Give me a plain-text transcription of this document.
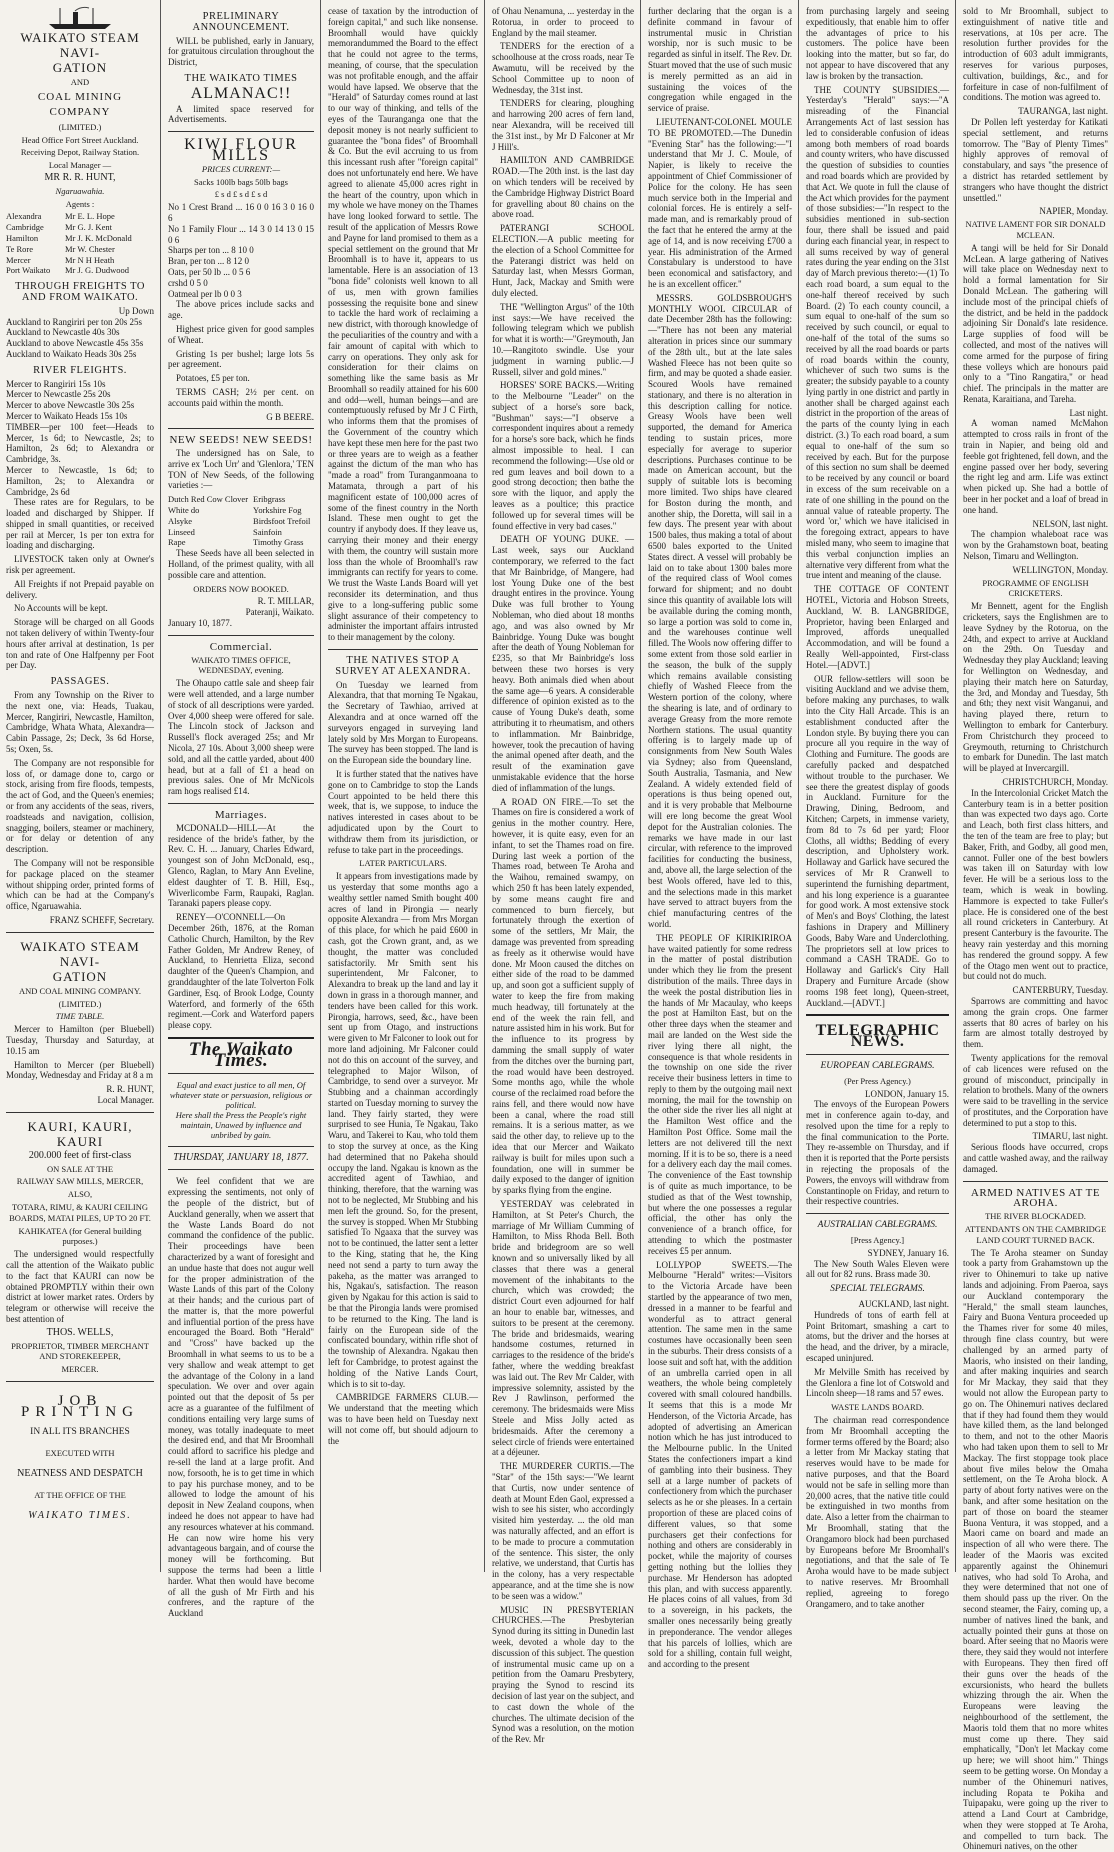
WAIKATO STEAM NAVI-
GATION
AND
COAL MINING COMPANY
(LIMITED.)
Head Office Fort Street Auckland.
Receiving Depot, Railway Station.
Local Manager —
MR R. R. HUNT,
Ngaruawahia.
Agents :
Alexandra	Mr E. L. Hope
Cambridge	Mr G. J. Kent
Hamilton	Mr J. K. McDonald
Te Rore	Mr W. Chester
Mercer	Mr N H Heath
Port Waikato	Mr J. G. Dudwood
THROUGH FREIGHTS TO AND FROM WAIKATO.
Up Down
Auckland to Rangiriri per ton 20s 25s
Auckland to Newcastle 40s 30s
Auckland to above Newcastle 45s 35s
Auckland to Waikato Heads 30s 25s
RIVER FLEIGHTS.
Mercer to Rangiriri 15s 10s
Mercer to Newcastle 25s 20s
Mercer to above Newcastle 30s 25s
Mercer to Waikato Heads 15s 10s
TIMBER—per 100 feet—Heads to Mercer, 1s 6d; to Newcastle, 2s; to Hamilton, 2s 6d; to Alexandra or Cambridge, 3s.
Mercer to Newcastle, 1s 6d; to Hamilton, 2s; to Alexandra or Cambridge, 2s 6d

These rates are for Regulars, to be loaded and discharged by Shipper. If shipped in small quantities, or received per rail at Mercer, 1s per ton extra for loading and discharging.

LIVESTOCK taken only at Owner's risk per agreement.

All Freights if not Prepaid payable on delivery.

No Accounts will be kept.

Storage will be charged on all Goods not taken delivery of within Twenty-four hours after arrival at destination, 1s per ton and rate of One Halfpenny per Foot per Day.

PASSAGES.

From any Township on the River to the next one, via: Heads, Tuakau, Mercer, Rangiriri, Newcastle, Hamilton, Cambridge, Whata Whata, Alexandra—Cabin Passage, 2s; Deck, 3s 6d Horse, 5s; Oxen, 5s.

The Company are not responsible for loss of, or damage done to, cargo or stock, arising from fire floods, tempests, the act of God, and the Queen's enemies; or from any accidents of the seas, rivers, roadsteads and navigation, collision, snagging, boilers, steamer or machinery, or for delay or detention of any description.

The Company will not be responsible for package placed on the steamer without shipping order, printed forms of which can be had at the Company's office, Ngaruawahia.

FRANZ SCHEFF, Secretary.
WAIKATO STEAM NAVI-
GATION
AND COAL MINING COMPANY.
(LIMITED.)
TIME TABLE.

Mercer to Hamilton (per Bluebell) Tuesday, Thursday and Saturday, at 10.15 am

Hamilton to Mercer (per Bluebell) Monday, Wednesday and Friday at 8 a m

R. R. HUNT,
Local Manager.
KAURI, KAURI, KAURI
200.000 feet of first-class
ON SALE AT THE
RAILWAY SAW MILLS, MERCER,
ALSO,
TOTARA, RIMU, & KAURI CEILING BOARDS, MATAI PILES, UP TO 20 FT.
KAHIKATEA (for General building purposes.)

The undersigned would respectfully call the attention of the Waikato public to the fact that KAURI can now be obtained PROMPTLY within their own district at lower market rates. Orders by telegram or otherwise will receive the best attention of

THOS. WELLS,
PROPRIETOR, TIMBER MERCHANT AND STOREKEEPER,
MERCER.
JOB PRINTING
IN ALL ITS BRANCHES
EXECUTED WITH
NEATNESS AND DESPATCH
AT THE OFFICE OF THE
WAIKATO TIMES.
PRELIMINARY ANNOUNCEMENT.

WILL be published, early in January, for gratuitous circulation throughout the District,

THE WAIKATO TIMES
ALMANAC!!

A limited space reserved for Advertisements.

KIWI FLOUR MILLS
PRICES CURRENT:—
Sacks 100lb bags 50lb bags
£ s d £ s d £ s d
No 1 Crest Brand ... 16 0 0 16 3 0 16 0 6
No 1 Family Flour ... 14 3 0 14 13 0 15 0 6
Sharps per ton ... 8 10 0
Bran, per ton ... 8 12 0
Oats, per 50 lb ... 0 5 6
crshd 0 5 0
Oatmeal per lb 0 0 3

The above prices include sacks and age.

Highest price given for good samples of Wheat.

Gristing 1s per bushel; large lots 5s per agreement.

Potatoes, £5 per ton.

TERMS CASH; 2½ per cent. on accounts paid within the month.

G B BEERE.
NEW SEEDS! NEW SEEDS!

The undersigned has on Sale, to arrive ex 'Loch Urr' and 'Glenlora,' TEN TON of New Seeds, of the following varieties :—

Dutch Red Cow Clover	Eribgrass
White do	Yorkshire Fog
Alsyke	Birdsfoot Trefoil
Linseed	Sainfoin
Rape	Timothy Grass

These Seeds have all been selected in Holland, of the primest quality, with all possible care and attention.

ORDERS NOW BOOKED.
R. T. MILLAR,
Pateranji, Waikato.
January 10, 1877.
Commercial.
WAIKATO TIMES OFFICE, WEDNESDAY, evening.

The Ohaupo cattle sale and sheep fair were well attended, and a large number of stock of all descriptions were yarded. Over 4,000 sheep were offered for sale. The Lincoln stock of Jackson and Russell's flock averaged 25s; and Mr Nicola, 27 10s. About 3,000 sheep were sold, and all the cattle yarded, about 400 head, but at a fall of £1 a head on previous sales. One of Mr McNicols ram hogs realised £14.

Marriages.

MCDONALD—HILL—At the residence of the bride's father, by the Rev. C. H. ... January, Charles Edward, youngest son of John McDonald, esq., Glenco, Raglan, to Mary Ann Eveline, eldest daughter of T. B. Hill, Esq., Wiverlicombe Farm, Raupaki, Raglan. Taranaki papers please copy.

RENEY—O'CONNELL—On December 26th, 1876, at the Roman Catholic Church, Hamilton, by the Rev Father Golden, Mr Andrew Reney, of Auckland, to Henrietta Eliza, second daughter of the Queen's Champion, and granddaughter of the late Tolverton Folk Gardiner, Esq. of Brook Lodge, County Waterford, and formerly of the 65th regiment.—Cork and Waterford papers please copy.

The Waikato Times.
Equal and exact justice to all men, Of whatever state or persuasion, religious or political.
Here shall the Press the People's right maintain, Unawed by influence and unbribed by gain.
THURSDAY, JANUARY 18, 1877.

We feel confident that we are expressing the sentiments, not only of the people of the district, but of Auckland generally, when we assert that the Waste Lands Board do not command the confidence of the public. Their proceedings have been characterized by a want of foresight and an undue haste that does not augur well for the proper administration of the Waste Lands of this part of the Colony at their hands; and the curious part of the matter is, that the more powerful and influential portion of the press have encouraged the Board. Both "Herald" and "Cross" have backed up the Broomhall in what seems to us to be a very shallow and weak attempt to get the advantage of the Colony in a land speculation. We over and over again pointed out that the deposit of 5s per acre as a guarantee of the fulfilment of conditions entailing very large sums of money, was totally inadequate to meet the desired end, and that Mr Broomhall could afford to sacrifice his pledge and re-sell the land at a large profit. And now, forsooth, he is to get time in which to pay his purchase money, and to be allowed to lodge the amount of his deposit in New Zealand coupons, when indeed he does not appear to have had any resources whatever at his command. He can now wire home his very advantageous bargain, and of course the money will be forthcoming. But suppose the terms had been a little harder. What then would have become of all the gush of Mr Firth and his confreres, and the rapture of the Auckland

cease of taxation by the introduction of foreign capital," and such like nonsense. Broomhall would have quickly memorandummed the Board to the effect that he could not agree to the terms, meaning, of course, that the speculation was not profitable enough, and the affair would have lapsed. We observe that the "Herald" of Saturday comes round at last to our way of thinking, and tells of the eyes of the Tauranganga one that the deposit money is not nearly sufficient to guarantee the "bona fides" of Broomhall & Co. But the evil accruing to us from this incessant rush after "foreign capital" does not unfortunately end here. We have agreed to alienate 45,000 acres right in the heart of the country, upon which in my whole we have money on the Thames have long looked forward to settle. The result of the application of Messrs Rowe and Payne for land promised to them as a special settlement on the ground that Mr Broomhall is to have it, appears to us lamentable. Here is an association of 13 "bona fide" colonists well known to all of us, men with grown families possessing the requisite bone and sinew to tackle the hard work of reclaiming a new district, with thorough knowledge of the peculiarities of the country and with a fair amount of capital with which to carry on operations. They only ask for consideration for their claims on something like the same basis as Mr Broomhall so readily attained for his 600 and odd—well, human beings—and are contemptuously refused by Mr J C Firth, who informs them that the promises of the Government of the country which have kept these men here for the past two or three years are to weigh as a feather against the dictum of the man who has "made a road" from Turanganmoana to Matamata, through a part of his magnificent estate of 100,000 acres of some of the finest country in the North Island. These men ought to get the country if anybody does. If they leave us, carrying their money and their energy with them, the country will sustain more loss than the whole of Broomhall's raw immigrants can rectify for years to come. We trust the Waste Lands Board will yet reconsider its determination, and thus give to a long-suffering public some slight assurance of their competency to administer the important affairs intrusted to their management by the colony.

THE NATIVES STOP A SURVEY AT ALEXANDRA.

On Tuesday we learned from Alexandra, that that morning Te Ngakau, the Secretary of Tawhiao, arrived at Alexandra and at once warned off the surveyors engaged in surveying land lately sold by Mrs Morgan to Europeans. The survey has been stopped. The land is on the European side the boundary line.

It is further stated that the natives have gone on to Cambridge to stop the Lands Court appointed to be held there this week, that is, we suppose, to induce the natives interested in cases about to be adjudicated upon by the Court to withdraw them from its jurisdiction, or refuse to take part in the proceedings.

LATER PARTICULARS.

It appears from investigations made by us yesterday that some months ago a wealthy settler named Smith bought 400 acres of land in Pirongia — nearly opposite Alexandra — from Mrs Morgan of this place, for which he paid £600 in cash, got the Crown grant, and, as we thought, the matter was concluded satisfactorily. Mr Smith sent his superintendent, Mr Falconer, to Alexandra to break up the land and lay it down in grass in a thorough manner, and tenders have been called for this work. Pirongia, harrows, seed, &c., have been sent up from Otago, and instructions were given to Mr Falconer to look out for more land adjoining. Mr Falconer could not do this on account of the survey, and telegraphed to Major Wilson, of Cambridge, to send over a surveyor. Mr Stubbing and a chainman accordingly started on Tuesday morning to survey the land. They fairly started, they were surprised to see Hunia, Te Ngakau, Tako Waru, and Takerei to Kau, who told them to stop the survey at once, as the King had determined that no Pakeha should occupy the land. Ngakau is known as the accredited agent of Tawhiao, and thinking, therefore, that the warning was not to be neglected, Mr Stubbing and his men left the ground. So, for the present, the survey is stopped. When Mr Stubbing satisfied To Ngaaxa that the survey was not to be continued, the latter sent a letter to the King, stating that he, the King need not send a party to turn away the pakeha, as the matter was arranged to his, Ngakau's, satisfaction. The reason given by Ngakau for this action is said to be that the Pirongia lands were promised to be returned to the King. The land is fairly on the European side of the confiscated boundary, within rifle shot of the township of Alexandra. Ngakau then left for Cambridge, to protest against the holding of the Native Lands Court, which is to sit to-day.

CAMBRIDGE FARMERS CLUB.—We understand that the meeting which was to have been held on Tuesday next will not come off, but should adjourn to the

of Ohau Nenamuna, ... yesterday in the Rotorua, in order to proceed to England by the mail steamer.

TENDERS for the erection of a schoolhouse at the cross roads, near Te Awamutu, will be received by the School Committee up to noon of Wednesday, the 31st inst.

TENDERS for clearing, ploughing and harrowing 200 acres of fern land, near Alexandra, will be received till the 31st inst., by Mr D Falconer at Mr J Hill's.

HAMILTON AND CAMBRIDGE ROAD.—The 20th inst. is the last day on which tenders will be received by the Cambridge Highway District Board for gravelling about 80 chains on the above road.

PATERANGI SCHOOL ELECTION.—A public meeting for the election of a School Committee for the Paterangi district was held on Saturday last, when Messrs Gorman, Hunt, Jack, Mackay and Smith were duly elected.

THE "Wellington Argus" of the 10th inst says:—We have received the following telegram which we publish for what it is worth:—"Greymouth, Jan 10.—Rangitoto swindle. Use your judgment in warning public.—J Russell, silver and gold mines."

HORSES' SORE BACKS.—Writing to the Melbourne "Leader" on the subject of a horse's sore back, "Bushman" says:—"I observe a correspondent inquires about a remedy for a horse's sore back, which he finds almost impossible to heal. I can recommend the following:—Use old or red gum leaves and boil down to a good strong decoction; then bathe the sore with the liquor, and apply the leaves as a poultice; this practice followed up for several times will be found effective in very bad cases."

DEATH OF YOUNG DUKE. — Last week, says our Auckland contemporary, we referred to the fact that Mr Bainbridge, of Mangere, had lost Young Duke one of the best draught entires in the province. Young Duke was full brother to Young Nobleman, who died about 18 months ago, and was also owned by Mr Bainbridge. Young Duke was bought after the death of Young Nobleman for £235, so that Mr Bainbridge's loss between these two horses is very heavy. Both animals died when about the same age—6 years. A considerable difference of opinion existed as to the cause of Young Duke's death, some attributing it to rheumatism, and others to inflammation. Mr Bainbridge, however, took the precaution of having the animal opened after death, and the result of the examination gave unmistakable evidence that the horse died of inflammation of the lungs.

A ROAD ON FIRE.—To set the Thames on fire is considered a work of genius in the mother country. Here, however, it is quite easy, even for an infant, to set the Thames road on fire. During last week a portion of the Thames road, between Te Aroha and the Waihou, remained swampy, on which 250 ft has been lately expended, by some means caught fire and commenced to burn fiercely, but fortunately through the exertion of some of the settlers, Mr Mair, the damage was prevented from spreading as freely as it otherwise would have done. Mr Moon caused the ditches on either side of the road to be dammed up, and soon got a sufficient supply of water to keep the fire from making much headway, till fortunately at the end of the week the rain fell, and nature assisted him in his work. But for the influence to its progress by damming the small supply of water from the ditches over the burning part, the road would have been destroyed. Some months ago, while the whole course of the reclaimed road before the rains fell, and there would now have been a canal, where the road still remains. It is a serious matter, as we said the other day, to relieve up to the idea that our Mercer and Waikato railway is built for miles upon such a foundation, one will in summer be daily exposed to the danger of ignition by sparks flying from the engine.

YESTERDAY was celebrated in Hamilton, at St Peter's Church, the marriage of Mr William Cumming of Hamilton, to Miss Rhoda Bell. Both bride and bridegroom are so well known and so universally liked by all classes that there was a general movement of the inhabitants to the church, which was crowded; the district Court even adjourned for half an hour to enable bar, witnesses, and suitors to be present at the ceremony. The bride and bridesmaids, wearing handsome costumes, returned in carriages to the residence of the bride's father, where the wedding breakfast was laid out. The Rev Mr Calder, with impressive solemnity, assisted by the Rev J Rawlinson, performed the ceremony. The bridesmaids were Miss Steele and Miss Jolly acted as bridesmaids. After the ceremony a select circle of friends were entertained at a déjeuner.

THE MURDERER CURTIS.—The "Star" of the 15th says:—"We learnt that Curtis, now under sentence of death at Mount Eden Gaol, expressed a wish to see his sister, who accordingly visited him yesterday. ... the old man was naturally affected, and an effort is to be made to procure a commutation of the sentence. This sister, the only relative, we understand, that Curtis has in the colony, has a very respectable appearance, and at the time she is now to be seen was a widow."

MUSIC IN PRESBYTERIAN CHURCHES.—The Presbyterian Synod during its sitting in Dunedin last week, devoted a whole day to the discussion of this subject. The question of instrumental music came up on a petition from the Oamaru Presbytery, praying the Synod to rescind its decision of last year on the subject, and to cast down the whole of the churches. The ultimate decision of the Synod was a resolution, on the motion of the Rev. Mr

further declaring that the organ is a definite command in favour of instrumental music in Christian worship, nor is such music to be regarded as sinful in itself. The Rev. Dr. Stuart moved that the use of such music is merely permitted as an aid in sustaining the voices of the congregation while engaged in the service of praise.

LIEUTENANT-COLONEL MOULE TO BE PROMOTED.—The Dunedin "Evening Star" has the following:—"I understand that Mr J. C. Moule, of Napier, is likely to receive the appointment of Chief Commissioner of Police for the colony. He has seen much service both in the Imperial and colonial forces. He is entirely a self-made man, and is remarkably proud of the fact that he entered the army at the age of 14, and is now receiving £700 a year. His administration of the Armed Constabulary is understood to have been economical and satisfactory, and he is an excellent officer."

MESSRS. GOLDSBROUGH'S MONTHLY WOOL CIRCULAR of date December 28th has the following:—"There has not been any material alteration in prices since our summary of the 28th ult., but at the late sales Washed Fleece has not been quite so firm, and may be quoted a shade easier. Scoured Wools have remained stationary, and there is no alteration in this description calling for notice. Greasy Wools have been well supported, the demand for America tending to sustain prices, more especially for average to superior descriptions. Purchases continue to be made on American account, but the supply of suitable lots is becoming more limited. Two ships have cleared for Boston during the month, and another ship, the Doretta, will sail in a few days. The present year with about 1500 bales, thus making a total of about 6500 bales exported to the United States direct. A vessel will probably be laid on to take about 1300 bales more of the required class of Wool comes forward for shipment; and no doubt since this quantity of available lots will be available during the coming month, so large a portion was sold to come in, and the warehouses continue well filled. The Wools now offering differ to some extent from those sold earlier in the season, the bulk of the supply which remains available consisting chiefly of Washed Fleece from the Western portion of the colony, where the shearing is late, and of ordinary to average Greasy from the more remote Northern stations. The usual quantity offering is to largely made up of consignments from New South Wales via Sydney; also from Queensland, South Australia, Tasmania, and New Zealand. A widely extended field of operations is thus being opened out, and it is very probable that Melbourne will ere long become the great Wool depot for the Australian colonies. The remarks we have made in our last circular, with reference to the improved facilities for conducting the business, and, above all, the large selection of the best Wools offered, have led to this, and the selections made in this market have served to attract buyers from the chief manufacturing centres of the world.

THE PEOPLE OF KIRIKIRIROA have waited patiently for some redress in the matter of postal distribution under which they lie from the present distribution of the mails. Three days in the week the postal distribution lies in the hands of Mr Macaulay, who keeps the post at Hamilton East, but on the other three days when the steamer and mail are landed on the West side the river lying there all night, the consequence is that whole residents in the township on one side the river receive their business letters in time to reply to them by the outgoing mail next morning, the mail for the township on the other side the river lies all night at the Hamilton West office and the Hamilton Post Office. Some mail the letters are not delivered till the next morning. If it is to be so, there is a need for a delivery each day the mail comes. The convenience of the East township is of quite as much importance, to be studied as that of the West township, but where the one possesses a regular official, the other has only the convenience of a branch office, for attending to which the postmaster receives £5 per annum.

LOLLYPOP SWEETS.—The Melbourne "Herald" writes:—Visitors to the Victoria Arcade have been startled by the appearance of two men, dressed in a manner to be fearful and wonderful as to attract general attention. The same men in the same costumes have occasionally been seen in the suburbs. Their dress consists of a loose suit and soft hat, with the addition of an umbrella carried open in all weathers, the whole being completely covered with small coloured handbills. It seems that this is a mode Mr Henderson, of the Victoria Arcade, has adopted of advertising an American notion which he has just introduced to the Melbourne public. In the United States the confectioners impart a kind of gambling into their business. They sell at a large number of packets of confectionery from which the purchaser selects as he or she pleases. In a certain proportion of these are placed coins of different values, so that some purchasers get their confections for nothing and others are considerably in pocket, while the majority of courses getting nothing but the lollies they purchase. Mr Henderson has adopted this plan, and with success apparently. He places coins of all values, from 3d to a sovereign, in his packets, the smaller ones necessarily being greatly in preponderance. The vendor alleges that his parcels of lollies, which are sold for a shilling, contain full weight, and according to the present

from purchasing largely and seeing expeditiously, that enable him to offer the advantages of price to his customers. The police have been looking into the matter, but so far, do not appear to have discovered that any law is broken by the transaction.

THE COUNTY SUBSIDIES.—Yesterday's "Herald" says:—"A misreading of the Financial Arrangements Act of last session has led to considerable confusion of ideas among both members of road boards and county writers, who have discussed the question of subsidies to counties and road boards which are provided by that Act. We quote in full the clause of the Act which provides for the payment of those subsidies:—"In respect to the subsidies mentioned in sub-section four, there shall be issued and paid during each financial year, in respect to all sums received by way of general rates during the year ending on the 31st day of March previous thereto:—(1) To each road board, a sum equal to the one-half thereof received by such Board. (2) To each county council, a sum equal to one-half of the sum so received by such council, or equal to one-half of the total of the sums so received by all the road boards or parts of road boards within the county, whichever of such two sums is the greater; the subsidy payable to a county lying partly in one district and partly in another shall be charged against each district in the proportion of the areas of the parts of the county lying in each district. (3.) To each road board, a sum equal to one-half of the sum so received by each. But for the purpose of this section no sum shall be deemed to be received by any council or board in excess of the sum receivable on a rate of one shilling in the pound on the annual value of rateable property. The word 'or,' which we have italicised in the foregoing extract, appears to have misled many, who seem to imagine that this verbal conjunction implies an alternative very different from what the true intent and meaning of the clause.

THE COTTAGE OF CONTENT HOTEL, Victoria and Hobson Streets, Auckland, W. B. LANGBRIDGE, Proprietor, having been Enlarged and Improved, affords unequalled Accommodation, and will be found a Really Well-appointed, First-class Hotel.—[ADVT.]

OUR fellow-settlers will soon be visiting Auckland and we advise them, before making any purchases, to walk into the City Hall Arcade. This is an establishment conducted after the London style. By buying there you can procure all you require in the way of Clothing and Furniture. The goods are carefully packed and despatched without trouble to the purchaser. We see there the greatest display of goods in Auckland. Furniture for the Drawing, Dining, Bedroom, and Kitchen; Carpets, in immense variety, from 8d to 7s 6d per yard; Floor Cloths, all widths; Bedding of every description, and Upholstery work. Hollaway and Garlick have secured the services of Mr R Cranwell to superintend the furnishing department, and his long experience is a guarantee for good work. A most extensive stock of Men's and Boys' Clothing, the latest fashions in Drapery and Millinery Goods, Baby Ware and Underclothing. The proprietors sell at low prices to command a CASH TRADE. Go to Hollaway and Garlick's City Hall Drapery and Furniture Arcade (show rooms 198 feet long), Queen-street, Auckland.—[ADVT.]

TELEGRAPHIC NEWS.
EUROPEAN CABLEGRAMS.
(Per Press Agency.)
LONDON, January 15.

The envoys of the European Powers met in conference again to-day, and resolved upon the time for a reply to the final communication to the Porte. They re-assemble on Thursday, and if then it is reported that the Porte persists in rejecting the proposals of the Powers, the envoys will withdraw from Constantinople on Friday, and return to their respective countries.

AUSTRALIAN CABLEGRAMS.
[Press Agency.]
SYDNEY, January 16.

The New South Wales Eleven were all out for 82 runs. Brass made 30.

SPECIAL TELEGRAMS.
AUCKLAND, last night.

Hundreds of tons of earth fell at Point Britomart, smashing a cart to atoms, but the driver and the horses at the head, and the driver, by a miracle, escaped uninjured.

Mr Melville Smith has received by the Glenlora a fine lot of Cotswold and Lincoln sheep—18 rams and 57 ewes.

WASTE LANDS BOARD.

The chairman read correspondence from Mr Broomhall accepting the former terms offered by the Board; also a letter from Mr Mackay stating that reserves would have to be made for native purposes, and that the Board would not be safe in selling more than 20,000 acres, that the native title could be extinguished in two months from date. Also a letter from the chairman to Mr Broomhall, stating that the Orangamoro block had been purchased by Europeans before Mr Broomhall's negotiations, and that the sale of Te Aroha would have to be made subject to native reserves. Mr Broomhall replied, agreeing to forego Orangamero, and to take another

sold to Mr Broomhall, subject to extinguishment of native title and reservations, at 10s per acre. The resolution further provides for the introduction of 603 adult immigrants, reserves for various purposes, cultivation, buildings, &c., and for forfeiture in case of non-fulfilment of conditions. The motion was agreed to.

TAURANGA, last night.

Dr Pollen left yesterday for Katikati special settlement, and returns tomorrow. The "Bay of Plenty Times" highly approves of removal of constabulary, and says "the presence of a district has retarded settlement by strangers who have thought the district unsettled."

NAPIER, Monday.
NATIVE LAMENT FOR SIR DONALD MCLEAN.

A tangi will be held for Sir Donald McLean. A large gathering of Natives will take place on Wednesday next to hold a formal lamentation for Sir Donald McLean. The gathering will include most of the principal chiefs of the district, and be held in the paddock adjoining Sir Donald's late residence. Large supplies of food will be collected, and most of the natives will come armed for the purpose of firing these volleys which are honours paid only to a "Tino Rangatira," or head chief. The principals in the matter are Renata, Karaitiana, and Tareha.

Last night.

A woman named McMahon attempted to cross rails in front of the train in Napier, and being old and feeble got frightened, fell down, and the engine passed over her body, severing the right leg and arm. Life was extinct when picked up. She had a bottle of beer in her pocket and a loaf of bread in one hand.

NELSON, last night.

The champion whaleboat race was won by the Grahamstown boat, beating Nelson, Timaru and Wellington.

WELLINGTON, Monday.
PROGRAMME OF ENGLISH CRICKETERS.

Mr Bennett, agent for the English cricketers, says the Englishmen are to leave Sydney by the Rotorua, on the 24th, and expect to arrive at Auckland on the 29th. On Tuesday and Wednesday they play Auckland; leaving for Wellington on Wednesday, and playing their match here on Saturday, the 3rd, and Monday and Tuesday, 5th and 6th; they next visit Wanganui, and having played there, return to Wellington to embark for Canterbury. From Christchurch they proceed to Greymouth, returning to Christchurch to embark for Dunedin. The last match will be played at Invercargill.

CHRISTCHURCH, Monday.

In the Intercolonial Cricket Match the Canterbury team is in a better position than was expected two days ago. Corte and Leach, both first class hitters, and the ten of the team are free to play; but Baker, Frith, and Godby, all good men, cannot. Fuller one of the best bowlers was taken ill on Saturday with low fever. He will be a serious loss to the team, which is weak in bowling. Hammore is expected to take Fuller's place. He is considered one of the best all round cricketers in Canterbury. At present Canterbury is the favourite. The heavy rain yesterday and this morning has rendered the ground soppy. A few of the Otago men went out to practice, but could not do much.

CANTERBURY, Tuesday.

Sparrows are committing and havoc among the grain crops. One farmer asserts that 80 acres of barley on his farm are almost totally destroyed by them.

Twenty applications for the removal of cab licences were refused on the ground of misconduct, principally in relation to brothels. Many of the owners were said to be travelling in the service of prostitutes, and the Corporation have determined to put a stop to this.

TIMARU, last night.

Serious floods have occurred, crops and cattle washed away, and the railway damaged.

ARMED NATIVES AT TE AROHA.
THE RIVER BLOCKADED.
ATTENDANTS ON THE CAMBRIDGE LAND COURT TURNED BACK.

The Te Aroha steamer on Sunday took a party from Grahamstown up the river to Ohinemuri to take up native lands and adjoining. From Paeroa, says our Auckland contemporary the "Herald," the small steam launches, Fairy and Buona Ventura proceeded up the Thames river for some 40 miles, through fine class country, but were challenged by an armed party of Maoris, who insisted on their landing, and after making inquiries and search for Mr Mackay, they said that they would not allow the European party to go on. The Ohinemuri natives declared that if they had found them they would have killed them, as the land belonged to them, and not to the other Maoris who had taken upon them to sell to Mr Mackay. The first stoppage took place about five miles below the Omaha settlement, on the Te Aroha block. A party of about forty natives were on the bank, and after some hesitation on the part of those on board the steamer Buona Ventura, it was stopped, and a Maori came on board and made an inspection of all who were there. The leader of the Maoris was excited apparently against the Ohinemuri natives, who had sold To Aroha, and they were determined that not one of them should pass up the river. On the second steamer, the Fairy, coming up, a number of natives lined the bank, and actually pointed their guns at those on board. After seeing that no Maoris were there, they said they would not interfere with Europeans. They then fired off their guns over the heads of the excursionists, who heard the bullets whizzing through the air. When the Europeans were leaving the neighbourhood of the settlement, the Maoris told them that no more whites must come up there. They said emphatically, "Don't let Mackay come up here; we will shoot him." Things seem to be getting worse. On Monday a number of the Ohinemuri natives, including Ropata te Pokiha and Tuipapaku, were going up the river to attend a Land Court at Cambridge, when they were stopped at Te Aroha, and compelled to turn back. The Ohinemuri natives, on the other
